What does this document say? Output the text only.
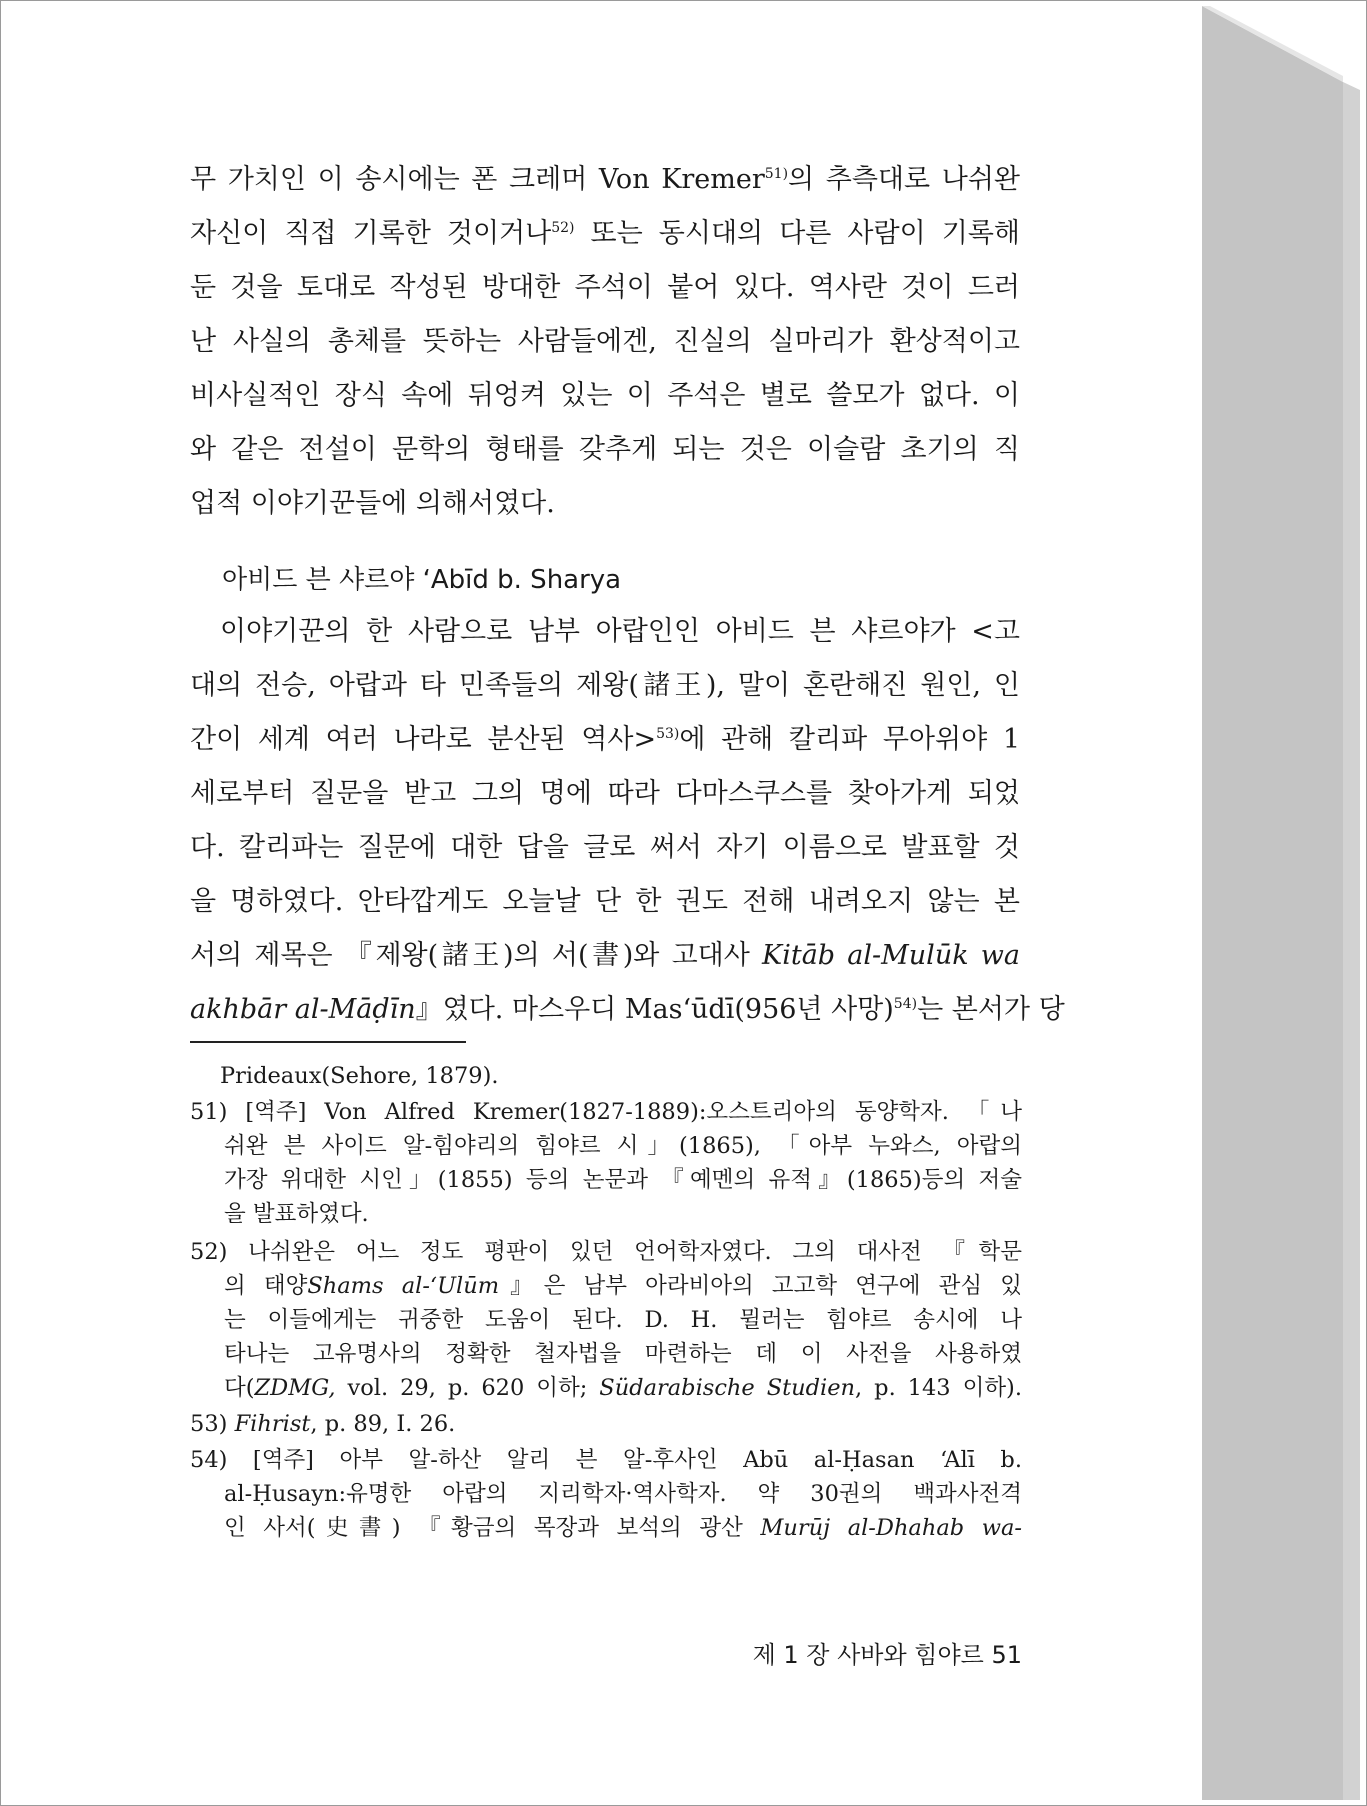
무 가치인 이 송시에는 폰 크레머 Von Kremer$^{51)}$의 추측대로 나쉬완
자신이 직접 기록한 것이거나$^{52)}$ 또는 동시대의 다른 사람이 기록해
둔 것을 토대로 작성된 방대한 주석이 붙어 있다. 역사란 것이 드러
난 사실의 총체를 뜻하는 사람들에겐, 진실의 실마리가 환상적이고
비사실적인 장식 속에 뒤엉켜 있는 이 주석은 별로 쓸모가 없다. 이
와 같은 전설이 문학의 형태를 갖추게 되는 것은 이슬람 초기의 직
업적 이야기꾼들에 의해서였다.
아비드 븐 샤르야 ‘Abīd b. Sharya
이야기꾼의 한 사람으로 남부 아랍인인 아비드 븐 샤르야가 <고
대의 전승, 아랍과 타 민족들의 제왕(諸王), 말이 혼란해진 원인, 인
간이 세계 여러 나라로 분산된 역사>$^{53)}$에 관해 칼리파 무아위야 1
세로부터 질문을 받고 그의 명에 따라 다마스쿠스를 찾아가게 되었
다. 칼리파는 질문에 대한 답을 글로 써서 자기 이름으로 발표할 것
을 명하였다. 안타깝게도 오늘날 단 한 권도 전해 내려오지 않는 본
서의 제목은 『제왕(諸王)의 서(書)와 고대사 Kitāb al-Mulūk wa
akhbār al-Māḍīn』였다. 마스우디 Mas‘ūdī(956년 사망)$^{54)}$는 본서가 당
Prideaux(Sehore, 1879).
51) [역주] Von Alfred Kremer(1827-1889):오스트리아의 동양학자. 「나
쉬완 븐 사이드 알-힘야리의 힘야르 시」(1865), 「아부 누와스, 아랍의
가장 위대한 시인」(1855) 등의 논문과 『예멘의 유적』(1865)등의 저술
을 발표하였다.
52) 나쉬완은 어느 정도 평판이 있던 언어학자였다. 그의 대사전 『학문
의 태양Shams al-‘Ulūm』은 남부 아라비아의 고고학 연구에 관심 있
는 이들에게는 귀중한 도움이 된다. D. H. 뮐러는 힘야르 송시에 나
타나는 고유명사의 정확한 철자법을 마련하는 데 이 사전을 사용하였
다(ZDMG, vol. 29, p. 620 이하; Südarabische Studien, p. 143 이하).
53) Fihrist, p. 89, I. 26.
54) [역주] 아부 알-하산 알리 븐 알-후사인 Abū al-Ḥasan ‘Alī b.
al-Ḥusayn:유명한 아랍의 지리학자·역사학자. 약 30권의 백과사전격
인 사서(史書) 『황금의 목장과 보석의 광산 Murūj al-Dhahab wa-
제 1 장 사바와 힘야르 51
